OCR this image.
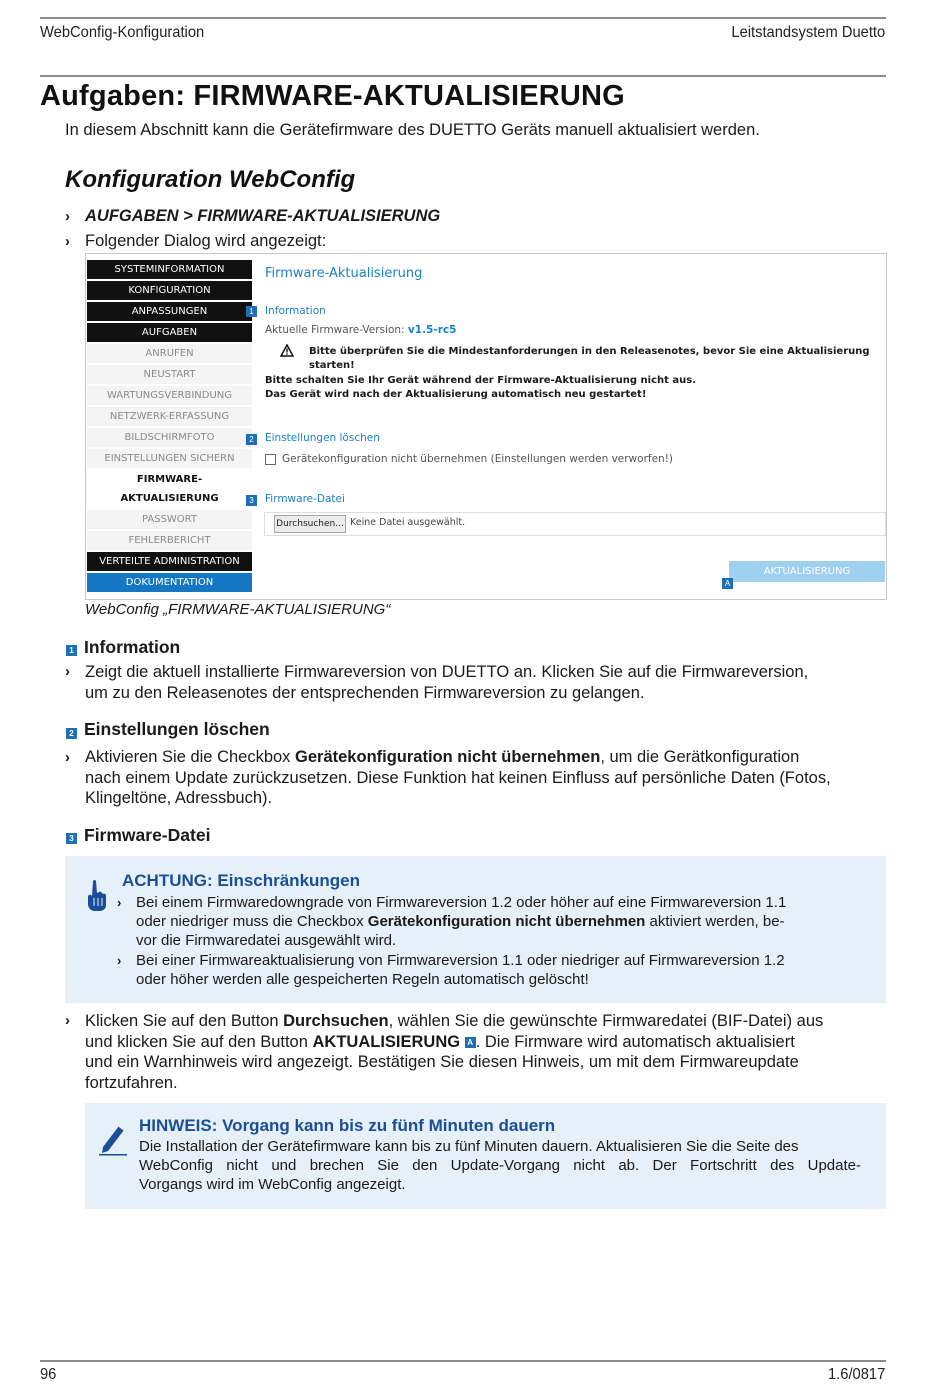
WebConfig-Konfiguration	Leitstandsystem Duetto
Aufgaben: FIRMWARE-AKTUALISIERUNG
In diesem Abschnitt kann die Gerätefirmware des DUETTO Geräts manuell aktualisiert werden.
Konfiguration WebConfig
› AUFGABEN > FIRMWARE-AKTUALISIERUNG
› Folgender Dialog wird angezeigt:
SYSTEMINFORMATION
KONFIGURATION
ANPASSUNGEN
AUFGABEN
ANRUFEN
NEUSTART
WARTUNGSVERBINDUNG
NETZWERK-ERFASSUNG
BILDSCHIRMFOTO
EINSTELLUNGEN SICHERN
FIRMWARE-
AKTUALISIERUNG
PASSWORT
FEHLERBERICHT
VERTEILTE ADMINISTRATION
DOKUMENTATION
Firmware-Aktualisierung
1	Information
Aktuelle Firmware-Version: v1.5-rc5
Bitte überprüfen Sie die Mindestanforderungen in den Releasenotes, bevor Sie eine Aktualisierung
starten!
Bitte schalten Sie Ihr Gerät während der Firmware-Aktualisierung nicht aus.
Das Gerät wird nach der Aktualisierung automatisch neu gestartet!
2	Einstellungen löschen
Gerätekonfiguration nicht übernehmen (Einstellungen werden verworfen!)
3	Firmware-Datei
Durchsuchen... Keine Datei ausgewählt.
AKTUALISIERUNG
A
WebConfig „FIRMWARE-AKTUALISIERUNG“
1 Information
› Zeigt die aktuell installierte Firmwareversion von DUETTO an. Klicken Sie auf die Firmwareversion,
um zu den Releasenotes der entsprechenden Firmwareversion zu gelangen.
2 Einstellungen löschen
› Aktivieren Sie die Checkbox Gerätekonfiguration nicht übernehmen, um die Gerätkonfiguration
nach einem Update zurückzusetzen. Diese Funktion hat keinen Einfluss auf persönliche Daten (Fotos,
Klingeltöne, Adressbuch).
3 Firmware-Datei
ACHTUNG: Einschränkungen
› Bei einem Firmwaredowngrade von Firmwareversion 1.2 oder höher auf eine Firmwareversion 1.1
oder niedriger muss die Checkbox Gerätekonfiguration nicht übernehmen aktiviert werden, be-
vor die Firmwaredatei ausgewählt wird.
› Bei einer Firmwareaktualisierung von Firmwareversion 1.1 oder niedriger auf Firmwareversion 1.2
oder höher werden alle gespeicherten Regeln automatisch gelöscht!
› Klicken Sie auf den Button Durchsuchen, wählen Sie die gewünschte Firmwaredatei (BIF-Datei) aus
und klicken Sie auf den Button AKTUALISIERUNG A . Die Firmware wird automatisch aktualisiert
und ein Warnhinweis wird angezeigt. Bestätigen Sie diesen Hinweis, um mit dem Firmwareupdate
fortzufahren.
HINWEIS: Vorgang kann bis zu fünf Minuten dauern
Die Installation der Gerätefirmware kann bis zu fünf Minuten dauern. Aktualisieren Sie die Seite des
WebConfig nicht und brechen Sie den Update-Vorgang nicht ab. Der Fortschritt des Update-
Vorgangs wird im WebConfig angezeigt.
96	1.6/0817
